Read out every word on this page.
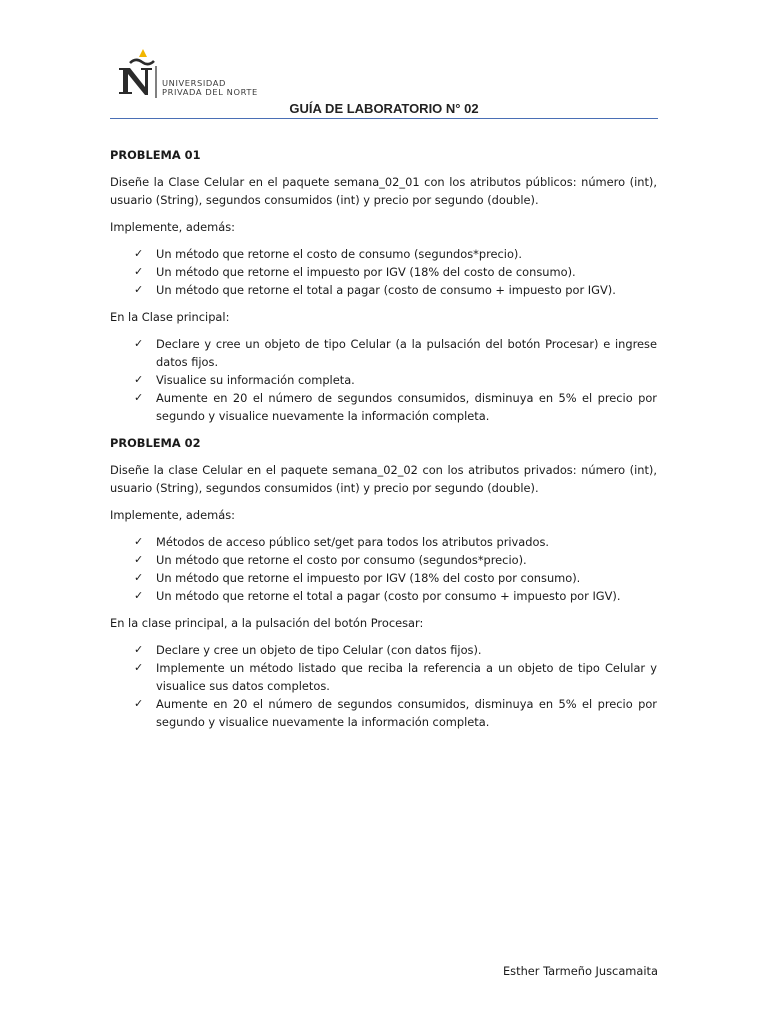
UNIVERSIDAD
PRIVADA DEL NORTE
GUÍA DE LABORATORIO N° 02
PROBLEMA 01

Diseñe la Clase Celular en el paquete semana_02_01 con los atributos públicos: número (int), usuario (String), segundos consumidos (int) y precio por segundo (double).

Implemente, además:

✓ Un método que retorne el costo de consumo (segundos*precio).
✓ Un método que retorne el impuesto por IGV (18% del costo de consumo).
✓ Un método que retorne el total a pagar (costo de consumo + impuesto por IGV).

En la Clase principal:

✓ Declare y cree un objeto de tipo Celular (a la pulsación del botón Procesar) e ingrese datos fijos.
✓ Visualice su información completa.
✓ Aumente en 20 el número de segundos consumidos, disminuya en 5% el precio por segundo y visualice nuevamente la información completa.
PROBLEMA 02

Diseñe la clase Celular en el paquete semana_02_02 con los atributos privados: número (int), usuario (String), segundos consumidos (int) y precio por segundo (double).

Implemente, además:

✓ Métodos de acceso público set/get para todos los atributos privados.
✓ Un método que retorne el costo por consumo (segundos*precio).
✓ Un método que retorne el impuesto por IGV (18% del costo por consumo).
✓ Un método que retorne el total a pagar (costo por consumo + impuesto por IGV).

En la clase principal, a la pulsación del botón Procesar:

✓ Declare y cree un objeto de tipo Celular (con datos fijos).
✓ Implemente un método listado que reciba la referencia a un objeto de tipo Celular y visualice sus datos completos.
✓ Aumente en 20 el número de segundos consumidos, disminuya en 5% el precio por segundo y visualice nuevamente la información completa.
Esther Tarmeño Juscamaita
